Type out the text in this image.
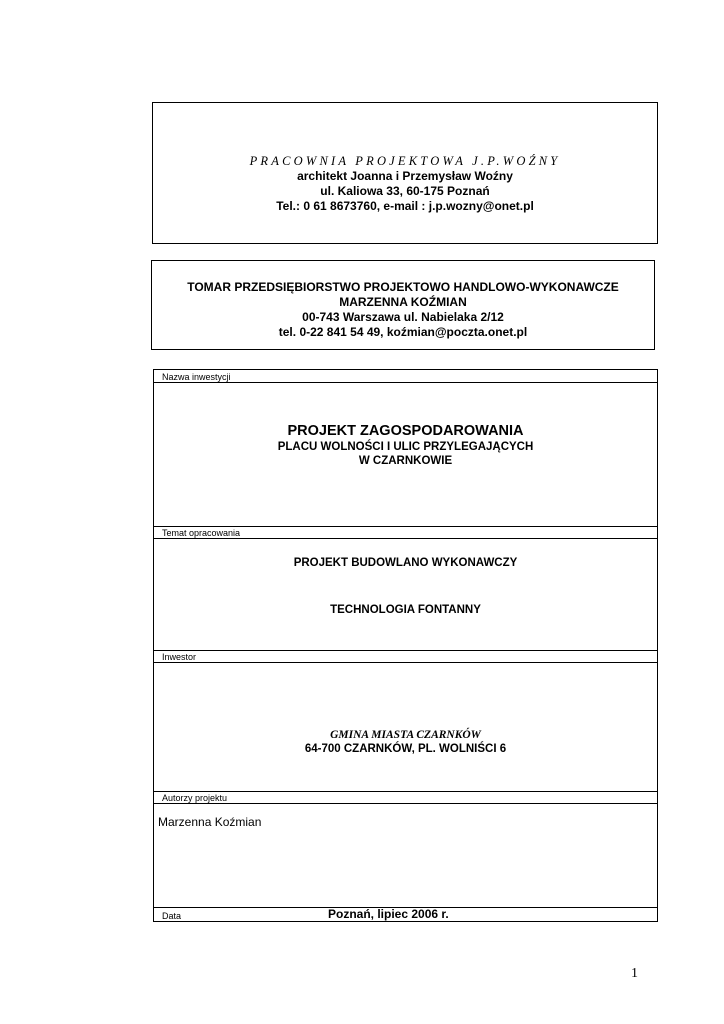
PRACOWNIA PROJEKTOWA J.P.WOŹNY
architekt Joanna i Przemysław Woźny
ul. Kaliowa 33, 60-175 Poznań
Tel.: 0 61 8673760, e-mail : j.p.wozny@onet.pl
TOMAR PRZEDSIĘBIORSTWO PROJEKTOWO HANDLOWO-WYKONAWCZE
MARZENNA KOŹMIAN
00-743 Warszawa ul. Nabielaka 2/12
tel. 0-22 841 54 49, koźmian@poczta.onet.pl
Nazwa inwestycji
PROJEKT ZAGOSPODAROWANIA
PLACU WOLNOŚCI I ULIC PRZYLEGAJĄCYCH
W CZARNKOWIE
Temat opracowania
PROJEKT BUDOWLANO WYKONAWCZY
TECHNOLOGIA FONTANNY
Inwestor
GMINA MIASTA CZARNKÓW
64-700 CZARNKÓW, PL. WOLNIŚCI 6
Autorzy projektu
Marzenna Koźmian
Data	Poznań, lipiec 2006 r.
1
